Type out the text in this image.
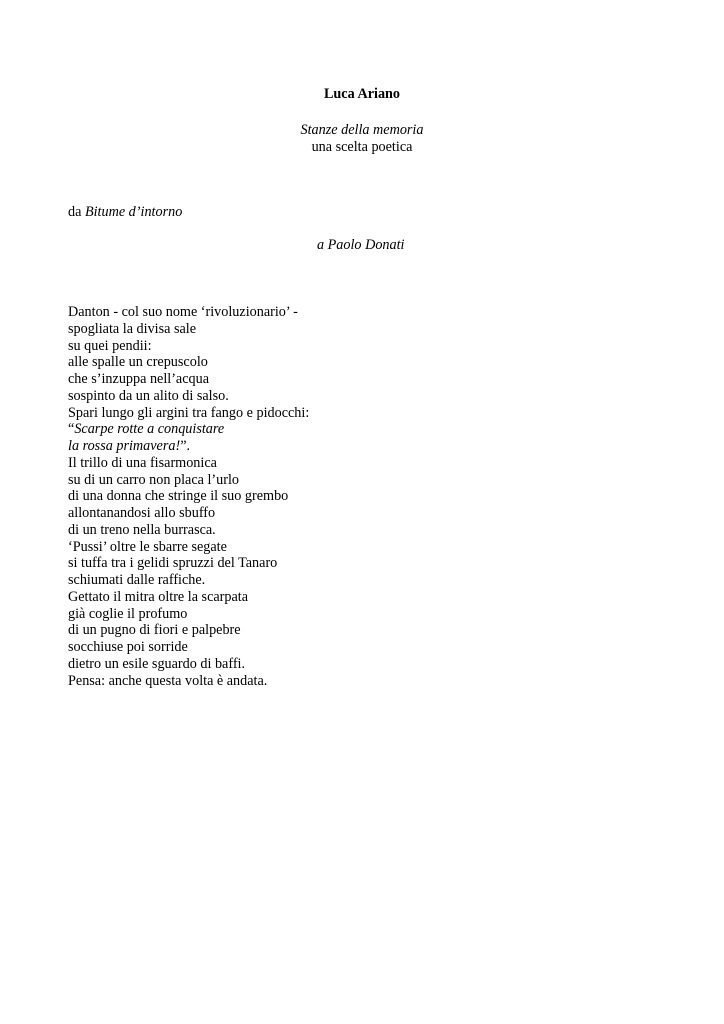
Luca Ariano
Stanze della memoria
una scelta poetica
da Bitume d’intorno
a Paolo Donati
Danton - col suo nome ‘rivoluzionario’ -
spogliata la divisa sale
su quei pendii:
alle spalle un crepuscolo
che s’inzuppa nell’acqua
sospinto da un alito di salso.
Spari lungo gli argini tra fango e pidocchi:
“Scarpe rotte a conquistare
la rossa primavera!”.
Il trillo di una fisarmonica
su di un carro non placa l’urlo
di una donna che stringe il suo grembo
allontanandosi allo sbuffo
di un treno nella burrasca.
‘Pussi’ oltre le sbarre segate
si tuffa tra i gelidi spruzzi del Tanaro
schiumati dalle raffiche.
Gettato il mitra oltre la scarpata
già coglie il profumo
di un pugno di fiori e palpebre
socchiuse poi sorride
dietro un esile sguardo di baffi.
Pensa: anche questa volta è andata.
